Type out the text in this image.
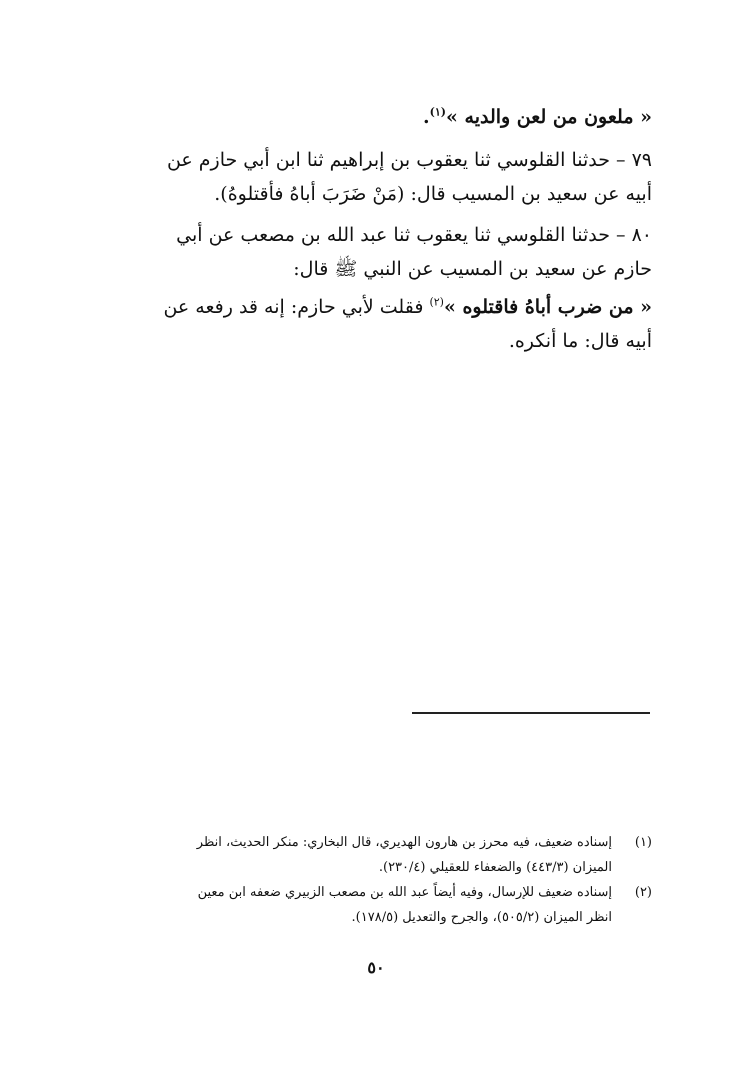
« ملعون من لعن والديه »$^{(١)}$.
٧٩ – حدثنا القلوسي ثنا يعقوب بن إبراهيم ثنا ابن أبي حازم عن
أبيه عن سعيد بن المسيب قال: (مَنْ ضَرَبَ أباهُ فأقتلوهُ).
٨٠ – حدثنا القلوسي ثنا يعقوب ثنا عبد الله بن مصعب عن أبي
حازم عن سعيد بن المسيب عن النبي ﷺ قال:
« من ضرب أباهُ فاقتلوه »$^{(٢)}$ فقلت لأبي حازم: إنه قد رفعه عن
أبيه قال: ما أنكره.
(١)
إسناده ضعيف، فيه محرز بن هارون الهديري، قال البخاري: منكر الحديث، انظر
الميزان (٤٤٣/٣) والضعفاء للعقيلي (٢٣٠/٤).
(٢)
إسناده ضعيف للإرسال، وفيه أيضاً عبد الله بن مصعب الزبيري ضعفه ابن معين
انظر الميزان (٥٠٥/٢)، والجرح والتعديل (١٧٨/٥).
٥٠
